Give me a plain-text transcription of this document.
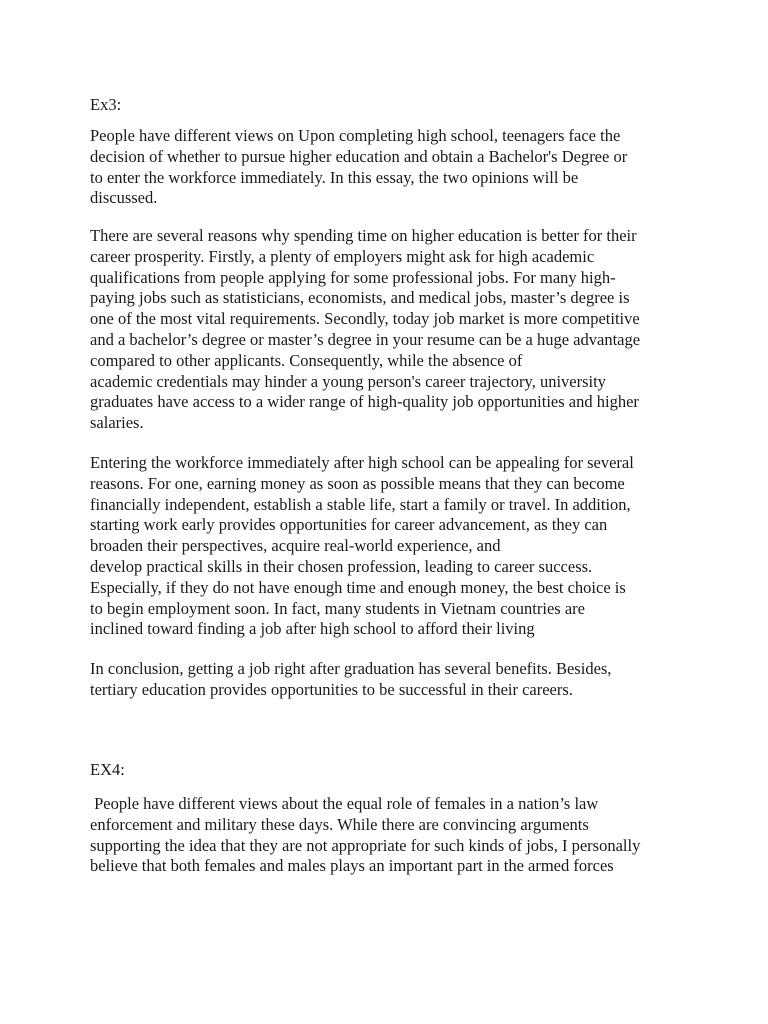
Ex3:
People have different views on Upon completing high school, teenagers face the
decision of whether to pursue higher education and obtain a Bachelor's Degree or
to enter the workforce immediately. In this essay, the two opinions will be
discussed.
There are several reasons why spending time on higher education is better for their
career prosperity. Firstly, a plenty of employers might ask for high academic
qualifications from people applying for some professional jobs. For many high-
paying jobs such as statisticians, economists, and medical jobs, master’s degree is
one of the most vital requirements. Secondly, today job market is more competitive
and a bachelor’s degree or master’s degree in your resume can be a huge advantage
compared to other applicants. Consequently, while the absence of
academic credentials may hinder a young person's career trajectory, university
graduates have access to a wider range of high-quality job opportunities and higher
salaries.
Entering the workforce immediately after high school can be appealing for several
reasons. For one, earning money as soon as possible means that they can become
financially independent, establish a stable life, start a family or travel. In addition,
starting work early provides opportunities for career advancement, as they can
broaden their perspectives, acquire real-world experience, and
develop practical skills in their chosen profession, leading to career success.
Especially, if they do not have enough time and enough money, the best choice is
to begin employment soon. In fact, many students in Vietnam countries are
inclined toward finding a job after high school to afford their living
In conclusion, getting a job right after graduation has several benefits. Besides,
tertiary education provides opportunities to be successful in their careers.
EX4:
People have different views about the equal role of females in a nation’s law
enforcement and military these days. While there are convincing arguments
supporting the idea that they are not appropriate for such kinds of jobs, I personally
believe that both females and males plays an important part in the armed forces
